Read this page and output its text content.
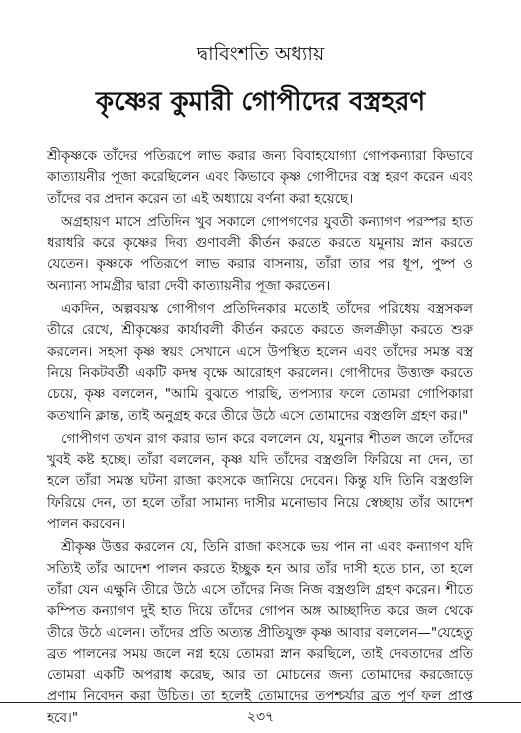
দ্বাবিংশতি অধ্যায়
কৃষ্ণের কুমারী গোপীদের বস্ত্রহরণ

শ্রীকৃষ্ণকে তাঁদের পতিরূপে লাভ করার জন্য বিবাহযোগ্যা গোপকন্যারা কিভাবে কাত্যায়নীর পূজা করেছিলেন এবং কিভাবে কৃষ্ণ গোপীদের বস্ত্র হরণ করেন এবং তাঁদের বর প্রদান করেন তা এই অধ্যায়ে বর্ণনা করা হয়েছে।

অগ্রহায়ণ মাসে প্রতিদিন খুব সকালে গোপগণের যুবতী কন্যাগণ পরস্পর হাত ধরাধরি করে কৃষ্ণের দিব্য গুণাবলী কীর্তন করতে করতে যমুনায় স্নান করতে যেতেন। কৃষ্ণকে পতিরূপে লাভ করার বাসনায়, তাঁরা তার পর ধূপ, পুষ্প ও অন্যান্য সামগ্রীর দ্বারা দেবী কাত্যায়নীর পূজা করতেন।

একদিন, অল্পবয়স্ক গোপীগণ প্রতিদিনকার মতোই তাঁদের পরিধেয় বস্ত্রসকল তীরে রেখে, শ্রীকৃষ্ণের কার্যাবলী কীর্তন করতে করতে জলক্রীড়া করতে শুরু করলেন। সহসা কৃষ্ণ স্বয়ং সেখানে এসে উপস্থিত হলেন এবং তাঁদের সমস্ত বস্ত্র নিয়ে নিকটবর্তী একটি কদম্ব বৃক্ষে আরোহণ করলেন। গোপীদের উত্ত্যক্ত করতে চেয়ে, কৃষ্ণ বললেন, "আমি বুঝতে পারছি, তপস্যার ফলে তোমরা গোপিকারা কতখানি ক্লান্ত, তাই অনুগ্রহ করে তীরে উঠে এসে তোমাদের বস্ত্রগুলি গ্রহণ কর।"

গোপীগণ তখন রাগ করার ভান করে বললেন যে, যমুনার শীতল জলে তাঁদের খুবই কষ্ট হচ্ছে। তাঁরা বললেন, কৃষ্ণ যদি তাঁদের বস্ত্রগুলি ফিরিয়ে না দেন, তা হলে তাঁরা সমস্ত ঘটনা রাজা কংসকে জানিয়ে দেবেন। কিন্তু যদি তিনি বস্ত্রগুলি ফিরিয়ে দেন, তা হলে তাঁরা সামান্য দাসীর মনোভাব নিয়ে স্বেচ্ছায় তাঁর আদেশ পালন করবেন।

শ্রীকৃষ্ণ উত্তর করলেন যে, তিনি রাজা কংসকে ভয় পান না এবং কন্যাগণ যদি সত্যিই তাঁর আদেশ পালন করতে ইচ্ছুক হন আর তাঁর দাসী হতে চান, তা হলে তাঁরা যেন এক্ষুনি তীরে উঠে এসে তাঁদের নিজ নিজ বস্ত্রগুলি গ্রহণ করেন। শীতে কম্পিত কন্যাগণ দুই হাত দিয়ে তাঁদের গোপন অঙ্গ আচ্ছাদিত করে জল থেকে তীরে উঠে এলেন। তাঁদের প্রতি অত্যন্ত প্রীতিযুক্ত কৃষ্ণ আবার বললেন—"যেহেতু ব্রত পালনের সময় জলে নগ্ন হয়ে তোমরা স্নান করছিলে, তাই দেবতাদের প্রতি তোমরা একটি অপরাধ করেছ, আর তা মোচনের জন্য তোমাদের করজোড়ে প্রণাম নিবেদন করা উচিত। তা হলেই তোমাদের তপশ্চর্যার ব্রত পূর্ণ ফল প্রাপ্ত হবে।"	২৩৭
